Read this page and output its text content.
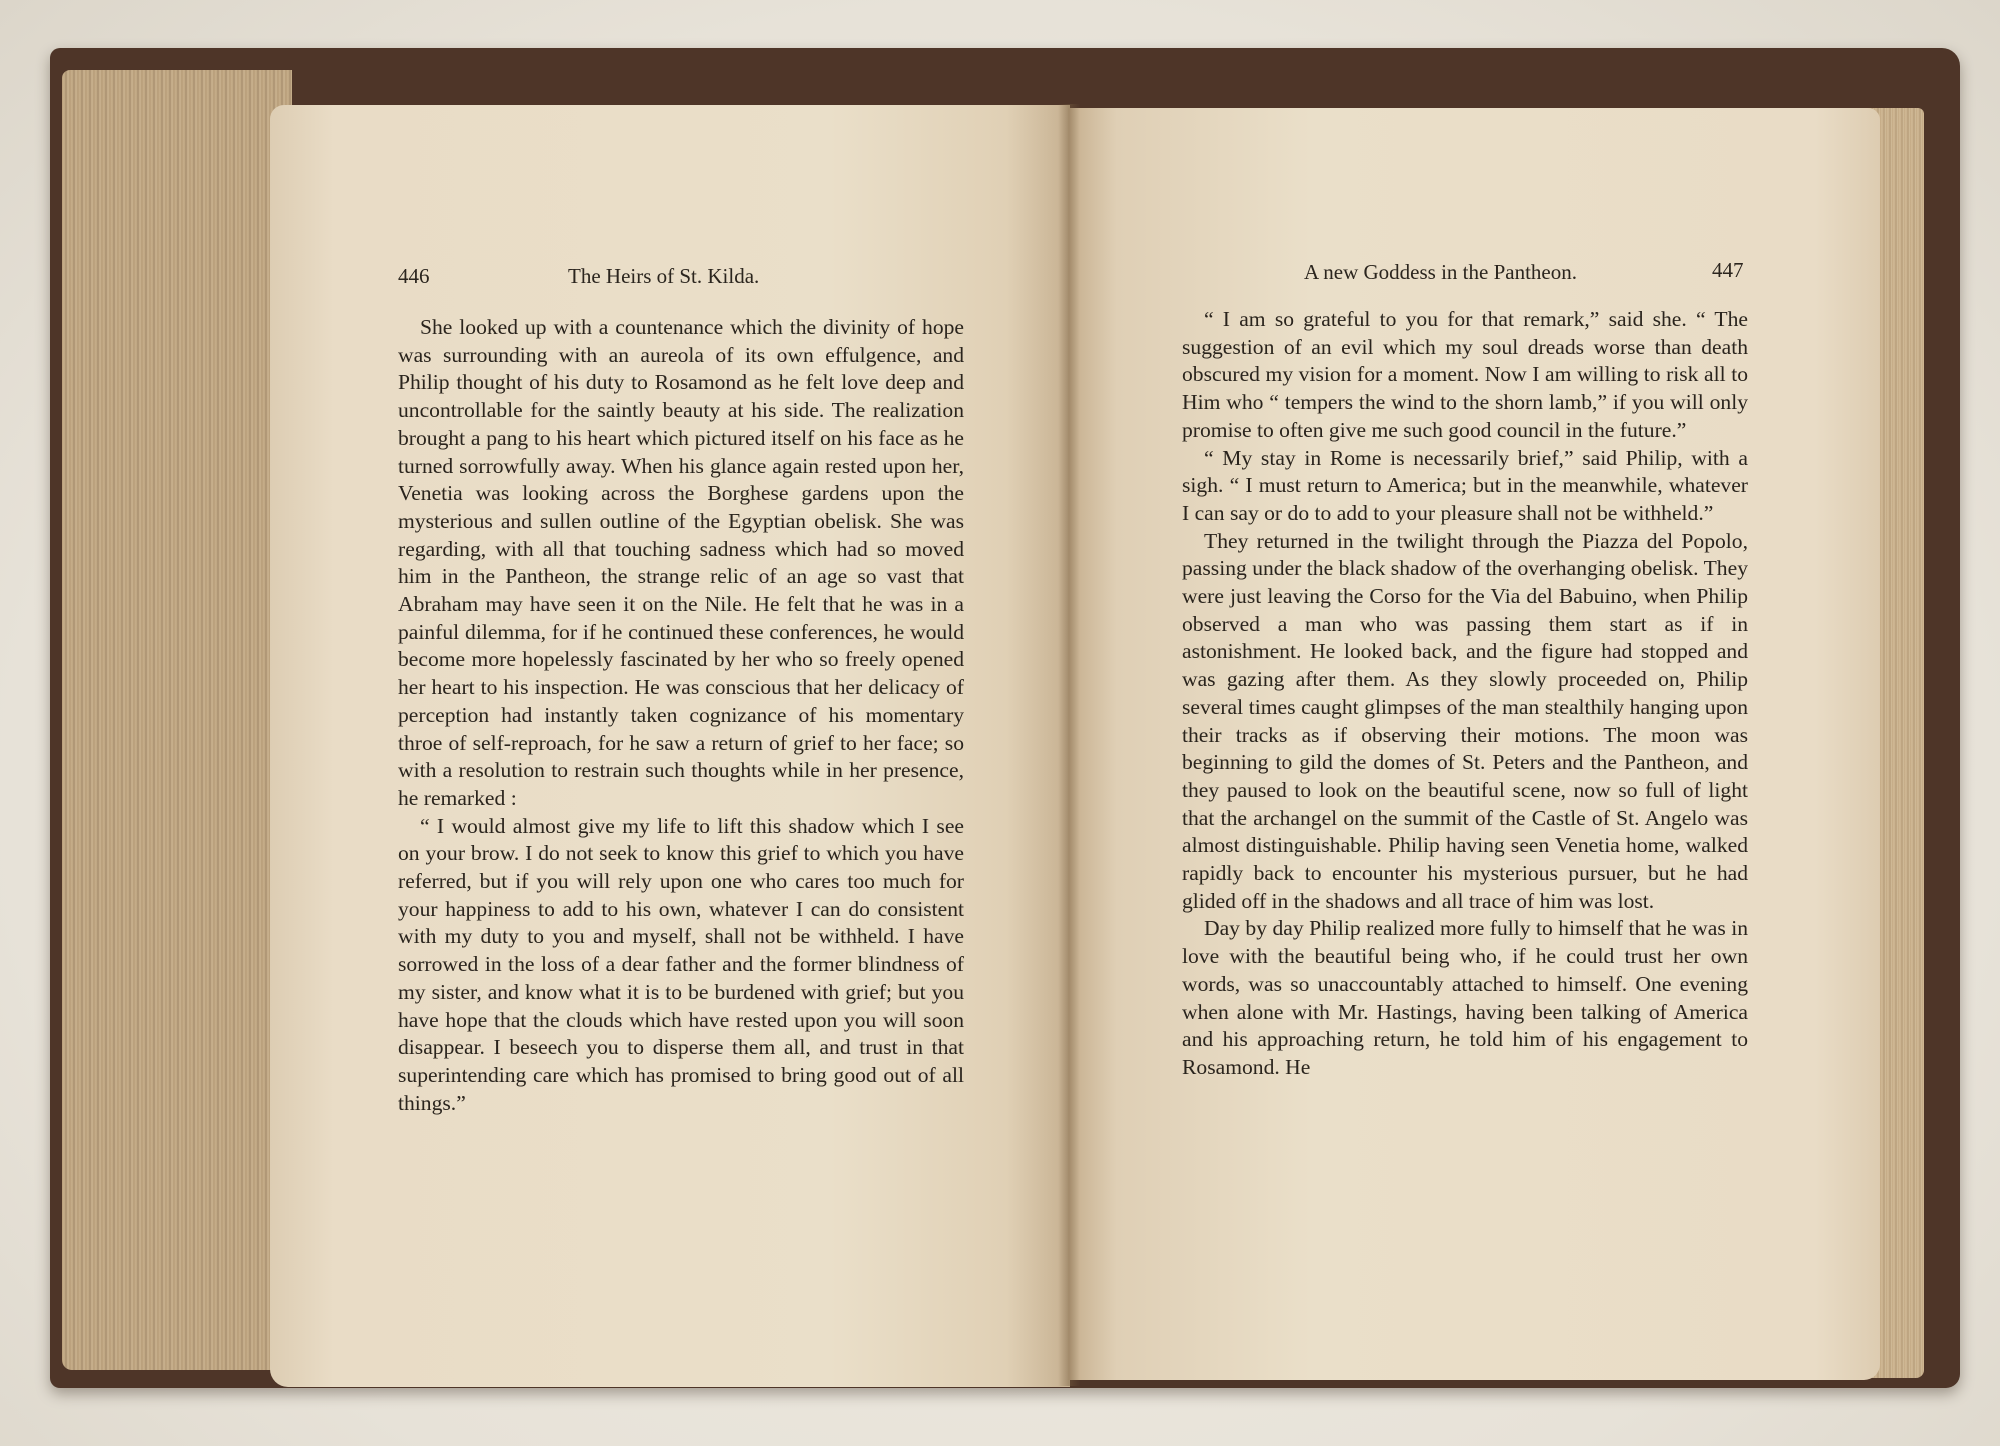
446	The Heirs of St. Kilda.	A new Goddess in the Pantheon.	447

She looked up with a countenance which the divinity of hope was surrounding with an aureola of its own effulgence, and Philip thought of his duty to Rosamond as he felt love deep and uncontrollable for the saintly beauty at his side. The realization brought a pang to his heart which pictured itself on his face as he turned sorrowfully away. When his glance again rested upon her, Venetia was looking across the Borghese gardens upon the mysterious and sullen outline of the Egyptian obelisk. She was regarding, with all that touching sadness which had so moved him in the Pantheon, the strange relic of an age so vast that Abraham may have seen it on the Nile. He felt that he was in a painful dilemma, for if he continued these conferences, he would become more hopelessly fascinated by her who so freely opened her heart to his inspection. He was conscious that her delicacy of perception had instantly taken cognizance of his momentary throe of self-reproach, for he saw a return of grief to her face; so with a resolution to restrain such thoughts while in her presence, he remarked :

“ I would almost give my life to lift this shadow which I see on your brow. I do not seek to know this grief to which you have referred, but if you will rely upon one who cares too much for your happiness to add to his own, whatever I can do consistent with my duty to you and myself, shall not be withheld. I have sorrowed in the loss of a dear father and the former blindness of my sister, and know what it is to be burdened with grief; but you have hope that the clouds which have rested upon you will soon disappear. I beseech you to disperse them all, and trust in that superintending care which has promised to bring good out of all things.”

“ I am so grateful to you for that remark,” said she. “ The suggestion of an evil which my soul dreads worse than death obscured my vision for a moment. Now I am willing to risk all to Him who “ tempers the wind to the shorn lamb,” if you will only promise to often give me such good council in the future.”

“ My stay in Rome is necessarily brief,” said Philip, with a sigh. “ I must return to America; but in the meanwhile, whatever I can say or do to add to your pleasure shall not be withheld.”

They returned in the twilight through the Piazza del Popolo, passing under the black shadow of the overhanging obelisk. They were just leaving the Corso for the Via del Babuino, when Philip observed a man who was passing them start as if in astonishment. He looked back, and the figure had stopped and was gazing after them. As they slowly proceeded on, Philip several times caught glimpses of the man stealthily hanging upon their tracks as if observing their motions. The moon was beginning to gild the domes of St. Peters and the Pantheon, and they paused to look on the beautiful scene, now so full of light that the archangel on the summit of the Castle of St. Angelo was almost distinguishable. Philip having seen Venetia home, walked rapidly back to encounter his mysterious pursuer, but he had glided off in the shadows and all trace of him was lost.

Day by day Philip realized more fully to himself that he was in love with the beautiful being who, if he could trust her own words, was so unaccountably attached to himself. One evening when alone with Mr. Hastings, having been talking of America and his approaching return, he told him of his engagement to Rosamond. He
